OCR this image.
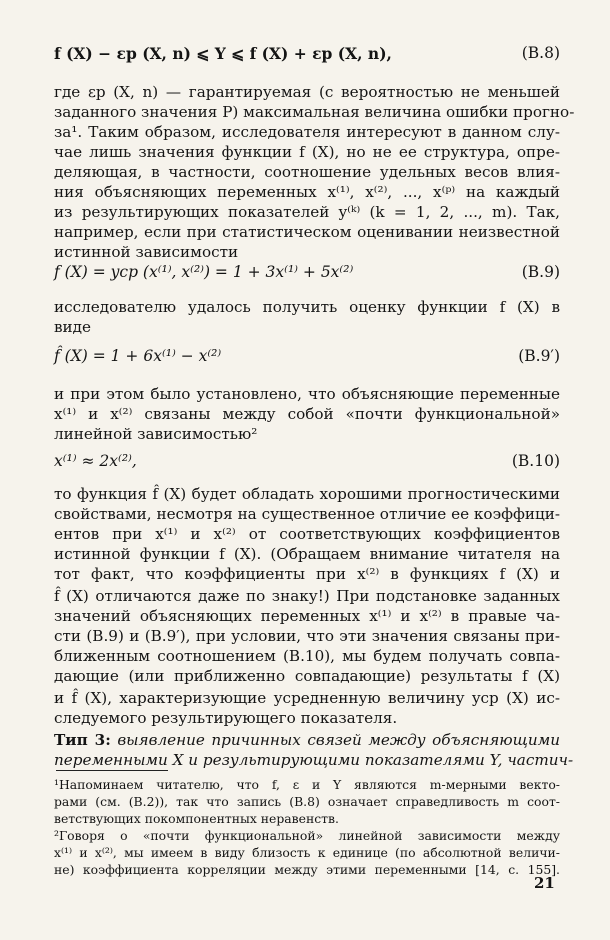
f (X) − εp (X, n) ⩽ Y ⩽ f (X) + εp (X, n),	(B.8)
где εp (X, n) — гарантируемая (с вероятностью не меньшей
заданного значения P) максимальная величина ошибки прогно-
за¹. Таким образом, исследователя интересуют в данном слу-
чае лишь значения функции f (X), но не ее структура, опре-
деляющая, в частности, соотношение удельных весов влия-
ния объясняющих переменных x⁽¹⁾, x⁽²⁾, ..., x⁽ᵖ⁾ на каждый
из результирующих показателей y⁽ᵏ⁾ (k = 1, 2, ..., m). Так,
например, если при статистическом оценивании неизвестной
истинной зависимости
f (X) = yср (x⁽¹⁾, x⁽²⁾) = 1 + 3x⁽¹⁾ + 5x⁽²⁾	(B.9)
исследователю удалось получить оценку функции f (X) в
виде
f̂ (X) = 1 + 6x⁽¹⁾ − x⁽²⁾	(B.9′)
и при этом было установлено, что объясняющие переменные
x⁽¹⁾ и x⁽²⁾ связаны между собой «почти функциональной»
линейной зависимостью²
x⁽¹⁾ ≈ 2x⁽²⁾,	(B.10)
то функция f̂ (X) будет обладать хорошими прогностическими
свойствами, несмотря на существенное отличие ее коэффици-
ентов при x⁽¹⁾ и x⁽²⁾ от соответствующих коэффициентов
истинной функции f (X). (Обращаем внимание читателя на
тот факт, что коэффициенты при x⁽²⁾ в функциях f (X) и
f̂ (X) отличаются даже по знаку!) При подстановке заданных
значений объясняющих переменных x⁽¹⁾ и x⁽²⁾ в правые ча-
сти (B.9) и (B.9′), при условии, что эти значения связаны при-
ближенным соотношением (B.10), мы будем получать совпа-
дающие (или приближенно совпадающие) результаты f (X)
и f̂ (X), характеризующие усредненную величину yср (X) ис-
следуемого результирующего показателя.
Тип 3: выявление причинных связей между объясняющими
переменными X и результирующими показателями Y, частич-
¹Напоминаем читателю, что f, ε и Y являются m-мерными векто-
рами (см. (B.2)), так что запись (B.8) означает справедливость m соот-
ветствующих покомпонентных неравенств.
²Говоря о «почти функциональной» линейной зависимости между
x⁽¹⁾ и x⁽²⁾, мы имеем в виду близость к единице (по абсолютной величи-
не) коэффициента корреляции между этими переменными [14, с. 155].
21
